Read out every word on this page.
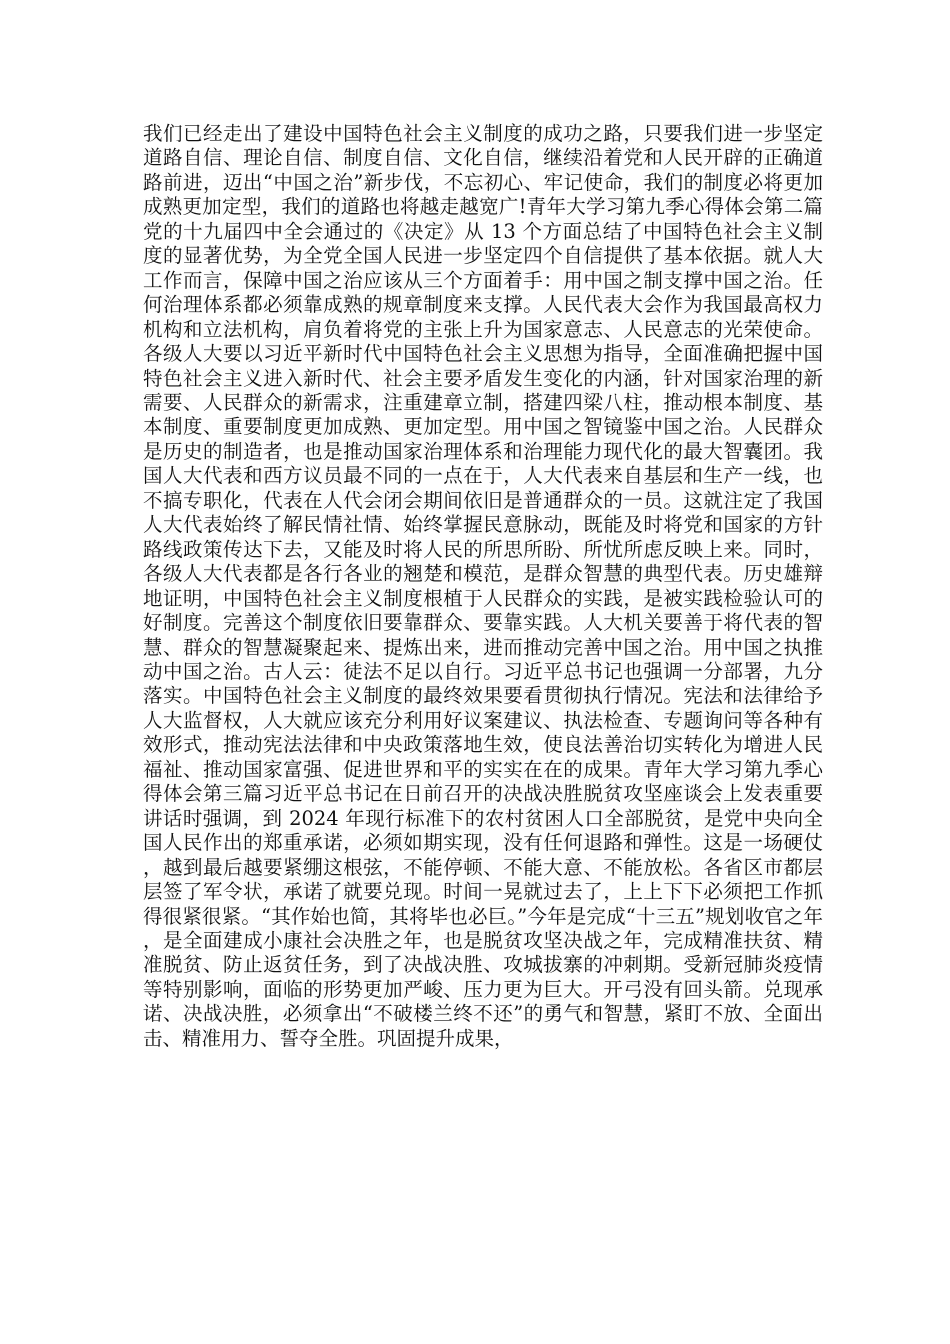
我们已经走出了建设中国特色社会主义制度的成功之路，只要我们进一步坚定道路自信、理论自信、制度自信、文化自信，继续沿着党和人民开辟的正确道路前进，迈出“中国之治”新步伐，不忘初心、牢记使命，我们的制度必将更加成熟更加定型，我们的道路也将越走越宽广!青年大学习第九季心得体会第二篇党的十九届四中全会通过的《决定》从 13 个方面总结了中国特色社会主义制度的显著优势，为全党全国人民进一步坚定四个自信提供了基本依据。就人大工作而言，保障中国之治应该从三个方面着手：用中国之制支撑中国之治。任何治理体系都必须靠成熟的规章制度来支撑。人民代表大会作为我国最高权力机构和立法机构，肩负着将党的主张上升为国家意志、人民意志的光荣使命。各级人大要以习近平新时代中国特色社会主义思想为指导，全面准确把握中国特色社会主义进入新时代、社会主要矛盾发生变化的内涵，针对国家治理的新需要、人民群众的新需求，注重建章立制，搭建四梁八柱，推动根本制度、基本制度、重要制度更加成熟、更加定型。用中国之智镜鉴中国之治。人民群众是历史的制造者，也是推动国家治理体系和治理能力现代化的最大智囊团。我国人大代表和西方议员最不同的一点在于，人大代表来自基层和生产一线，也不搞专职化，代表在人代会闭会期间依旧是普通群众的一员。这就注定了我国人大代表始终了解民情社情、始终掌握民意脉动，既能及时将党和国家的方针路线政策传达下去，又能及时将人民的所思所盼、所忧所虑反映上来。同时，各级人大代表都是各行各业的翘楚和模范，是群众智慧的典型代表。历史雄辩地证明，中国特色社会主义制度根植于人民群众的实践，是被实践检验认可的好制度。完善这个制度依旧要靠群众、要靠实践。人大机关要善于将代表的智慧、群众的智慧凝聚起来、提炼出来，进而推动完善中国之治。用中国之执推动中国之治。古人云：徒法不足以自行。习近平总书记也强调一分部署，九分落实。中国特色社会主义制度的最终效果要看贯彻执行情况。宪法和法律给予人大监督权，人大就应该充分利用好议案建议、执法检查、专题询问等各种有效形式，推动宪法法律和中央政策落地生效，使良法善治切实转化为增进人民福祉、推动国家富强、促进世界和平的实实在在的成果。青年大学习第九季心得体会第三篇习近平总书记在日前召开的决战决胜脱贫攻坚座谈会上发表重要讲话时强调，到 2024 年现行标准下的农村贫困人口全部脱贫，是党中央向全国人民作出的郑重承诺，必须如期实现，没有任何退路和弹性。这是一场硬仗，越到最后越要紧绷这根弦，不能停顿、不能大意、不能放松。各省区市都层层签了军令状，承诺了就要兑现。时间一晃就过去了，上上下下必须把工作抓得很紧很紧。“其作始也简，其将毕也必巨。”今年是完成“十三五”规划收官之年，是全面建成小康社会决胜之年，也是脱贫攻坚决战之年，完成精准扶贫、精准脱贫、防止返贫任务，到了决战决胜、攻城拔寨的冲刺期。受新冠肺炎疫情等特别影响，面临的形势更加严峻、压力更为巨大。开弓没有回头箭。兑现承诺、决战决胜，必须拿出“不破楼兰终不还”的勇气和智慧，紧盯不放、全面出击、精准用力、誓夺全胜。巩固提升成果，
